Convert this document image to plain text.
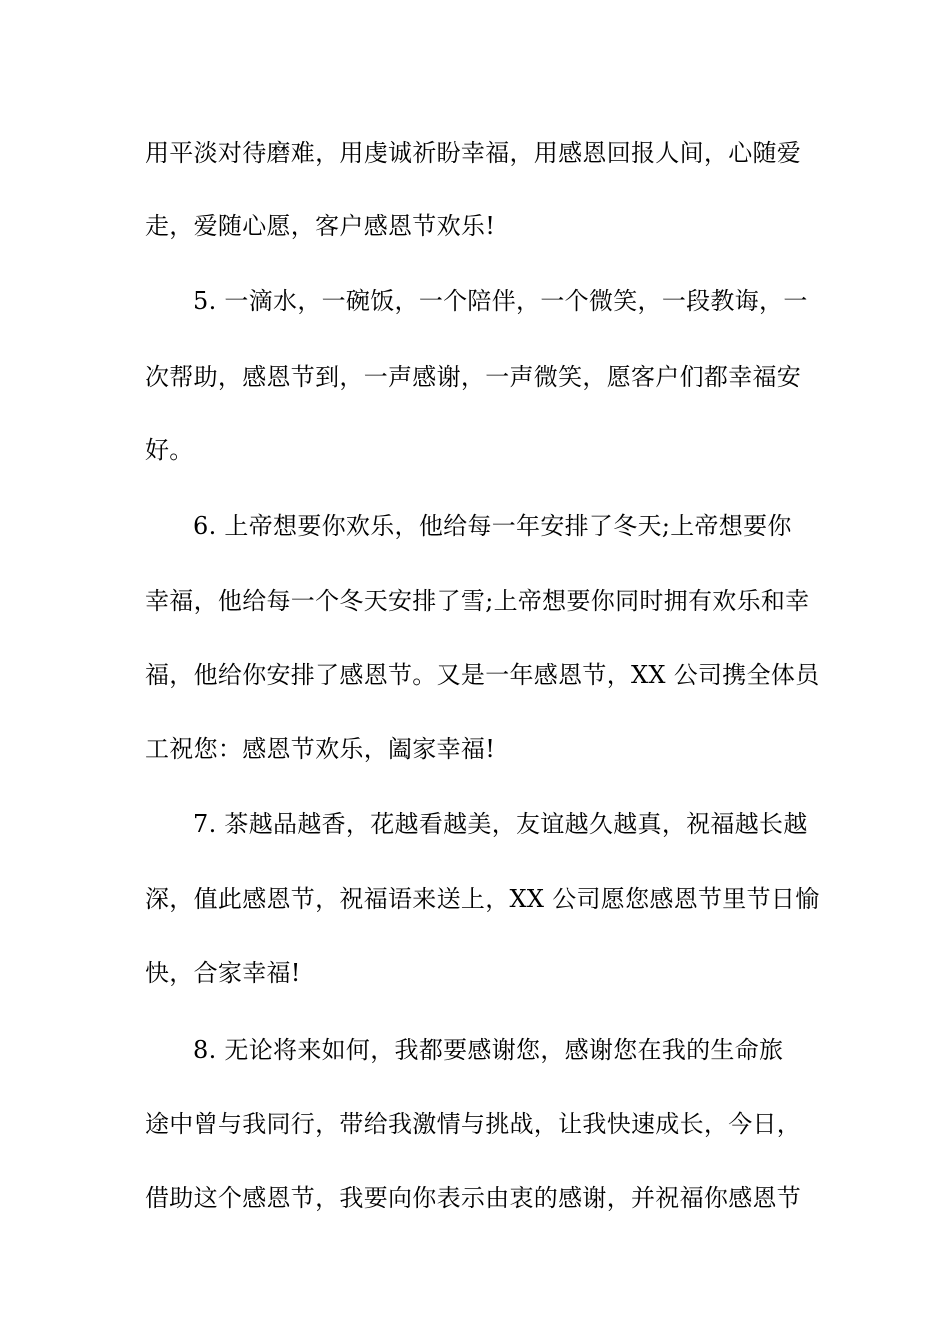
用平淡对待磨难，用虔诚祈盼幸福，用感恩回报人间，心随爱
走，爱随心愿，客户感恩节欢乐!
5. 一滴水，一碗饭，一个陪伴，一个微笑，一段教诲，一
次帮助，感恩节到，一声感谢，一声微笑，愿客户们都幸福安
好。
6. 上帝想要你欢乐，他给每一年安排了冬天;上帝想要你
幸福，他给每一个冬天安排了雪;上帝想要你同时拥有欢乐和幸
福，他给你安排了感恩节。又是一年感恩节，XX 公司携全体员
工祝您：感恩节欢乐，阖家幸福!
7. 茶越品越香，花越看越美，友谊越久越真，祝福越长越
深，值此感恩节，祝福语来送上，XX 公司愿您感恩节里节日愉
快，合家幸福!
8. 无论将来如何，我都要感谢您，感谢您在我的生命旅
途中曾与我同行，带给我激情与挑战，让我快速成长，今日，
借助这个感恩节，我要向你表示由衷的感谢，并祝福你感恩节
